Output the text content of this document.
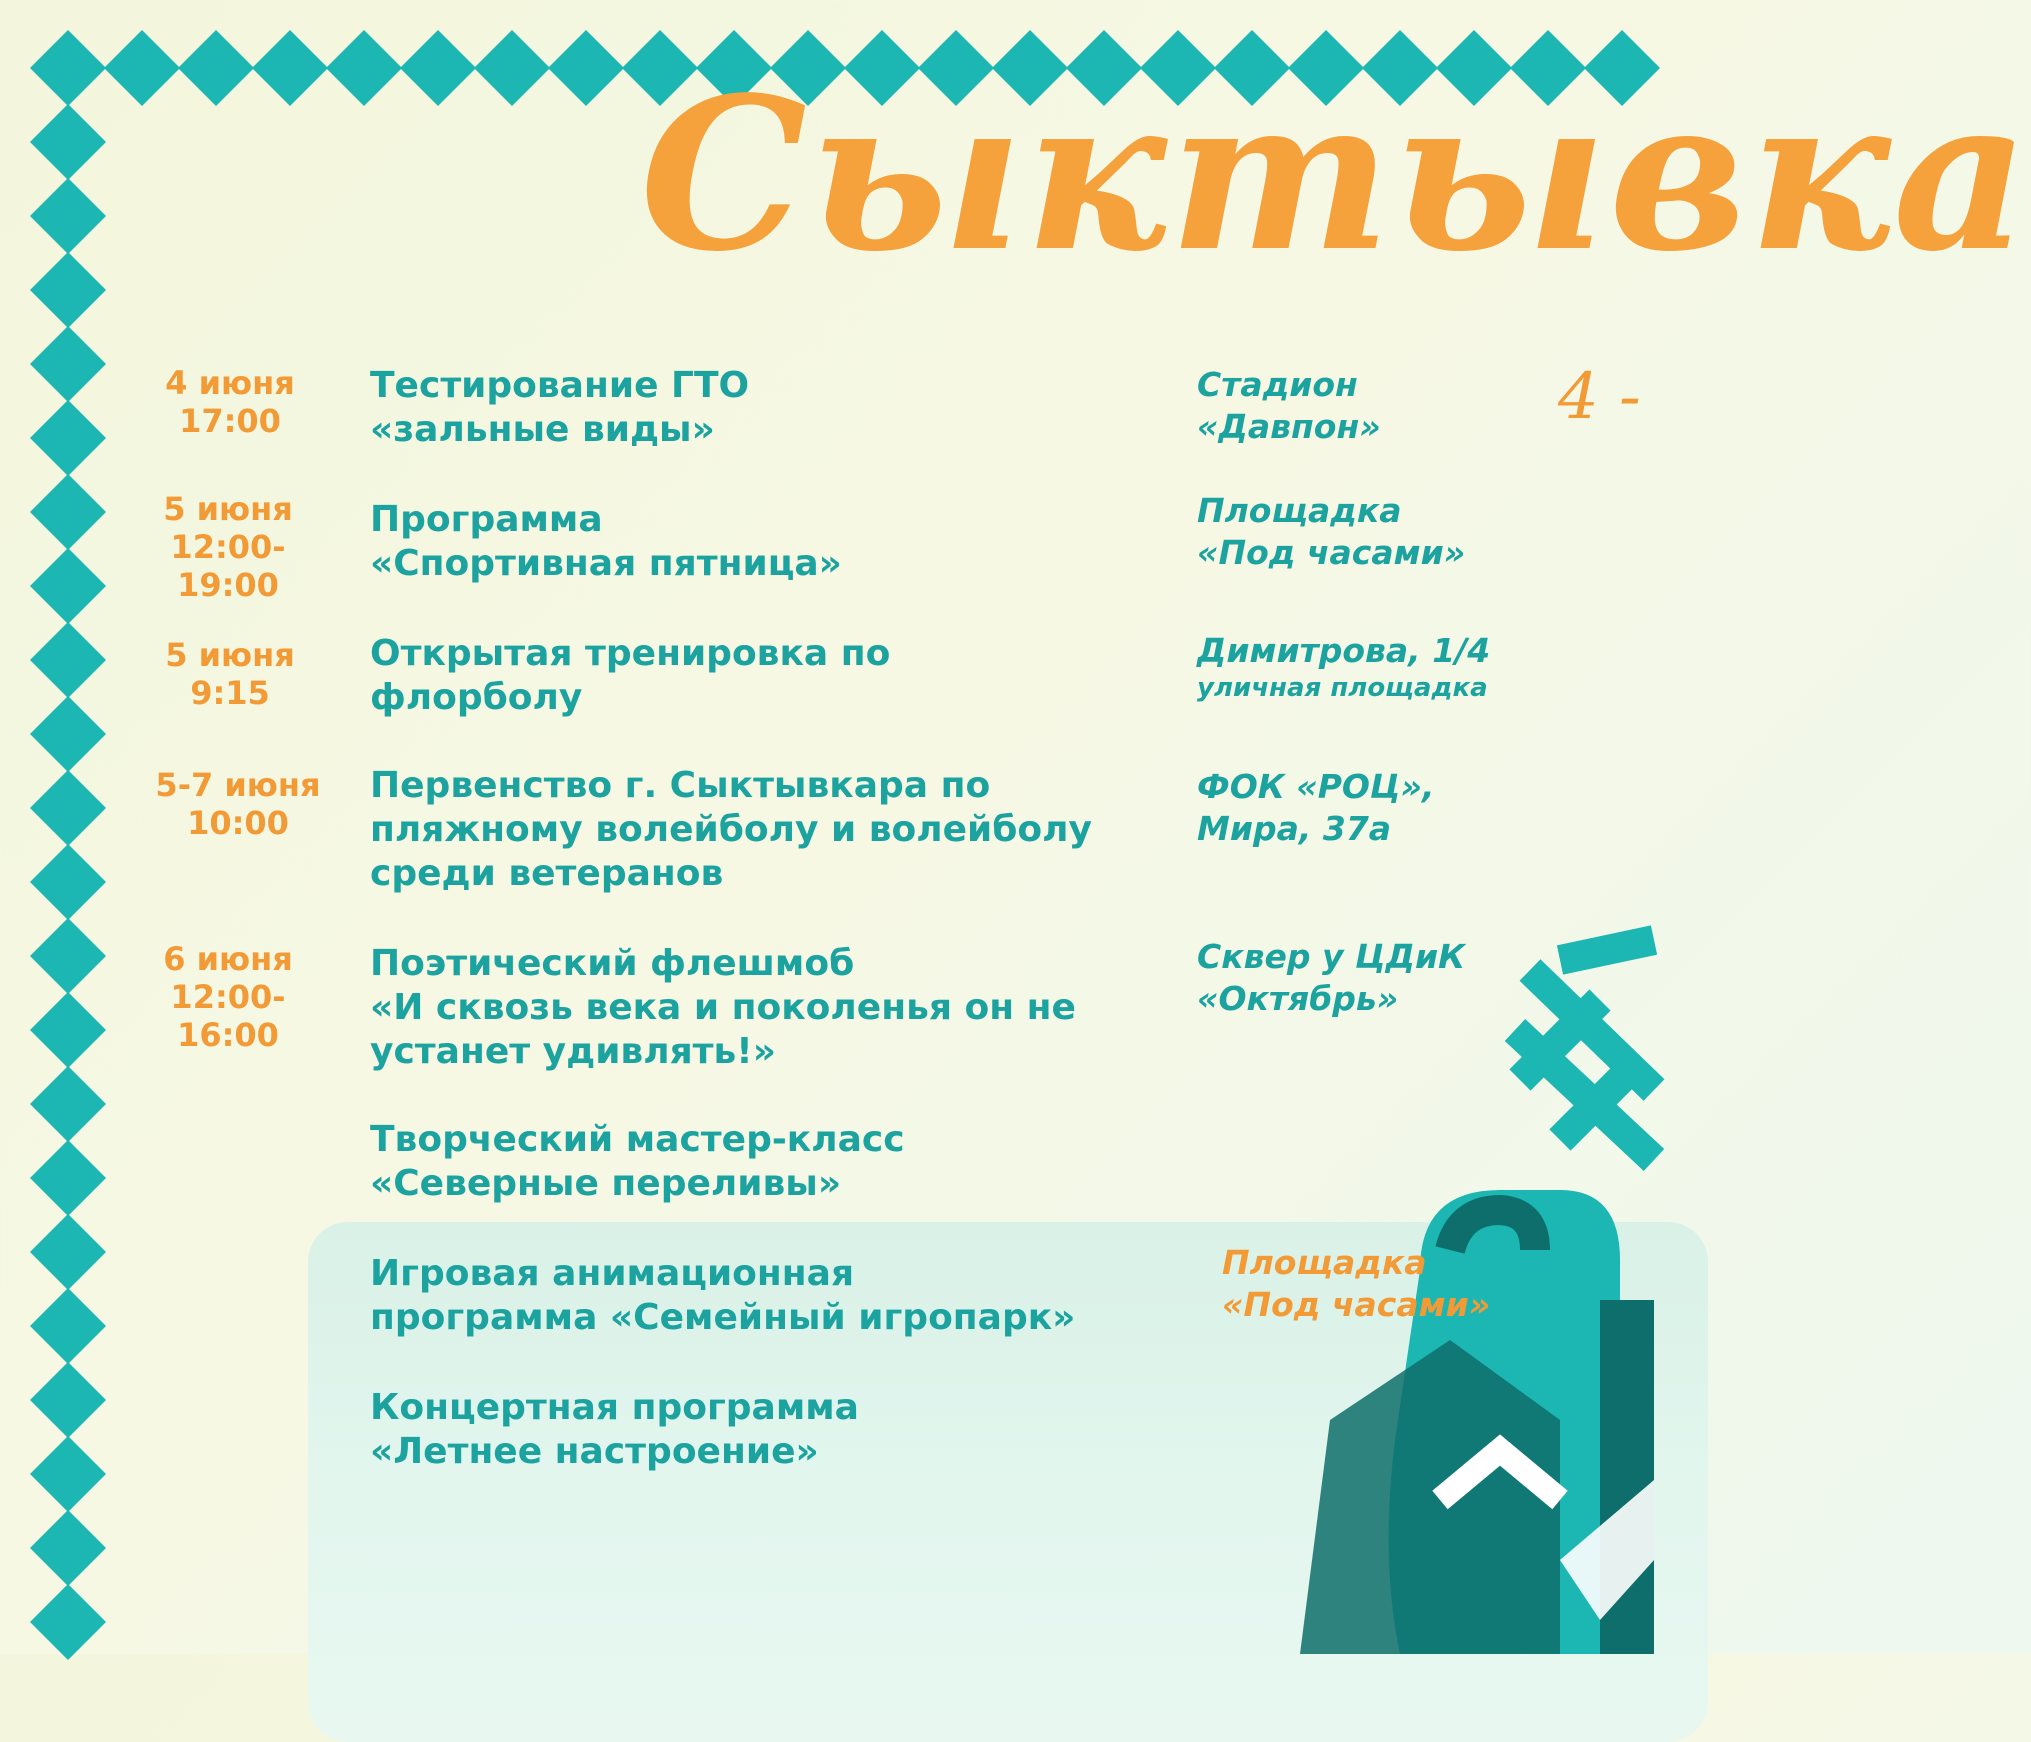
Сыктывка
4 -
4 июня
17:00
Тестирование ГТО
«зальные виды»
Стадион
«Давпон»
5 июня
12:00-
19:00
Программа
«Спортивная пятница»
Площадка
«Под часами»
5 июня
9:15
Открытая тренировка по
флорболу
Димитрова, 1/4
уличная площадка
5-7 июня
10:00
Первенство г. Сыктывкара по
пляжному волейболу и волейболу
среди ветеранов
ФОК «РОЦ»,
Мира, 37а
6 июня
12:00-
16:00
Поэтический флешмоб
«И сквозь века и поколенья он не
устанет удивлять!»
Сквер у ЦДиК
«Октябрь»
Творческий мастер-класс
«Северные переливы»
Игровая анимационная
программа «Семейный игропарк»
Площадка
«Под часами»
Концертная программа
«Летнее настроение»
